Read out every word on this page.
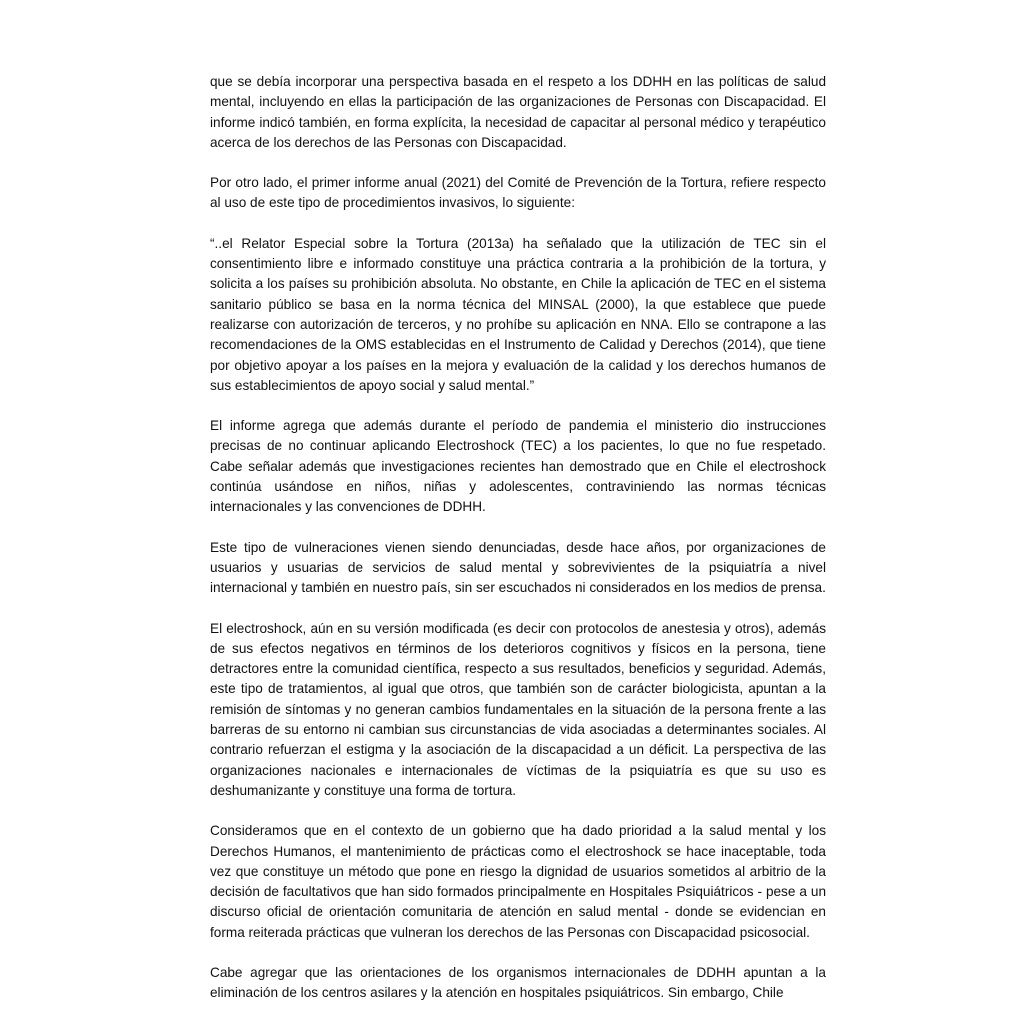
que se debía incorporar una perspectiva basada en el respeto a los DDHH en las políticas de salud mental, incluyendo en ellas la participación de las organizaciones de Personas con Discapacidad. El informe indicó también, en forma explícita, la necesidad de capacitar al personal médico y terapéutico acerca de los derechos de las Personas con Discapacidad.

Por otro lado, el primer informe anual (2021) del Comité de Prevención de la Tortura, refiere respecto al uso de este tipo de procedimientos invasivos, lo siguiente:

“..el Relator Especial sobre la Tortura (2013a) ha señalado que la utilización de TEC sin el consentimiento libre e informado constituye una práctica contraria a la prohibición de la tortura, y solicita a los países su prohibición absoluta. No obstante, en Chile la aplicación de TEC en el sistema sanitario público se basa en la norma técnica del MINSAL (2000), la que establece que puede realizarse con autorización de terceros, y no prohíbe su aplicación en NNA. Ello se contrapone a las recomendaciones de la OMS establecidas en el Instrumento de Calidad y Derechos (2014), que tiene por objetivo apoyar a los países en la mejora y evaluación de la calidad y los derechos humanos de sus establecimientos de apoyo social y salud mental.”

El informe agrega que además durante el período de pandemia el ministerio dio instrucciones precisas de no continuar aplicando Electroshock (TEC) a los pacientes, lo que no fue respetado. Cabe señalar además que investigaciones recientes han demostrado que en Chile el electroshock continúa usándose en niños, niñas y adolescentes, contraviniendo las normas técnicas internacionales y las convenciones de DDHH.

Este tipo de vulneraciones vienen siendo denunciadas, desde hace años, por organizaciones de usuarios y usuarias de servicios de salud mental y sobrevivientes de la psiquiatría a nivel internacional y también en nuestro país, sin ser escuchados ni considerados en los medios de prensa.

El electroshock, aún en su versión modificada (es decir con protocolos de anestesia y otros), además de sus efectos negativos en términos de los deterioros cognitivos y físicos en la persona, tiene detractores entre la comunidad científica, respecto a sus resultados, beneficios y seguridad. Además, este tipo de tratamientos, al igual que otros, que también son de carácter biologicista, apuntan a la remisión de síntomas y no generan cambios fundamentales en la situación de la persona frente a las barreras de su entorno ni cambian sus circunstancias de vida asociadas a determinantes sociales. Al contrario refuerzan el estigma y la asociación de la discapacidad a un déficit. La perspectiva de las organizaciones nacionales e internacionales de víctimas de la psiquiatría es que su uso es deshumanizante y constituye una forma de tortura.

Consideramos que en el contexto de un gobierno que ha dado prioridad a la salud mental y los Derechos Humanos, el mantenimiento de prácticas como el electroshock se hace inaceptable, toda vez que constituye un método que pone en riesgo la dignidad de usuarios sometidos al arbitrio de la decisión de facultativos que han sido formados principalmente en Hospitales Psiquiátricos - pese a un discurso oficial de orientación comunitaria de atención en salud mental - donde se evidencian en forma reiterada prácticas que vulneran los derechos de las Personas con Discapacidad psicosocial.

Cabe agregar que las orientaciones de los organismos internacionales de DDHH apuntan a la eliminación de los centros asilares y la atención en hospitales psiquiátricos. Sin embargo, Chile
